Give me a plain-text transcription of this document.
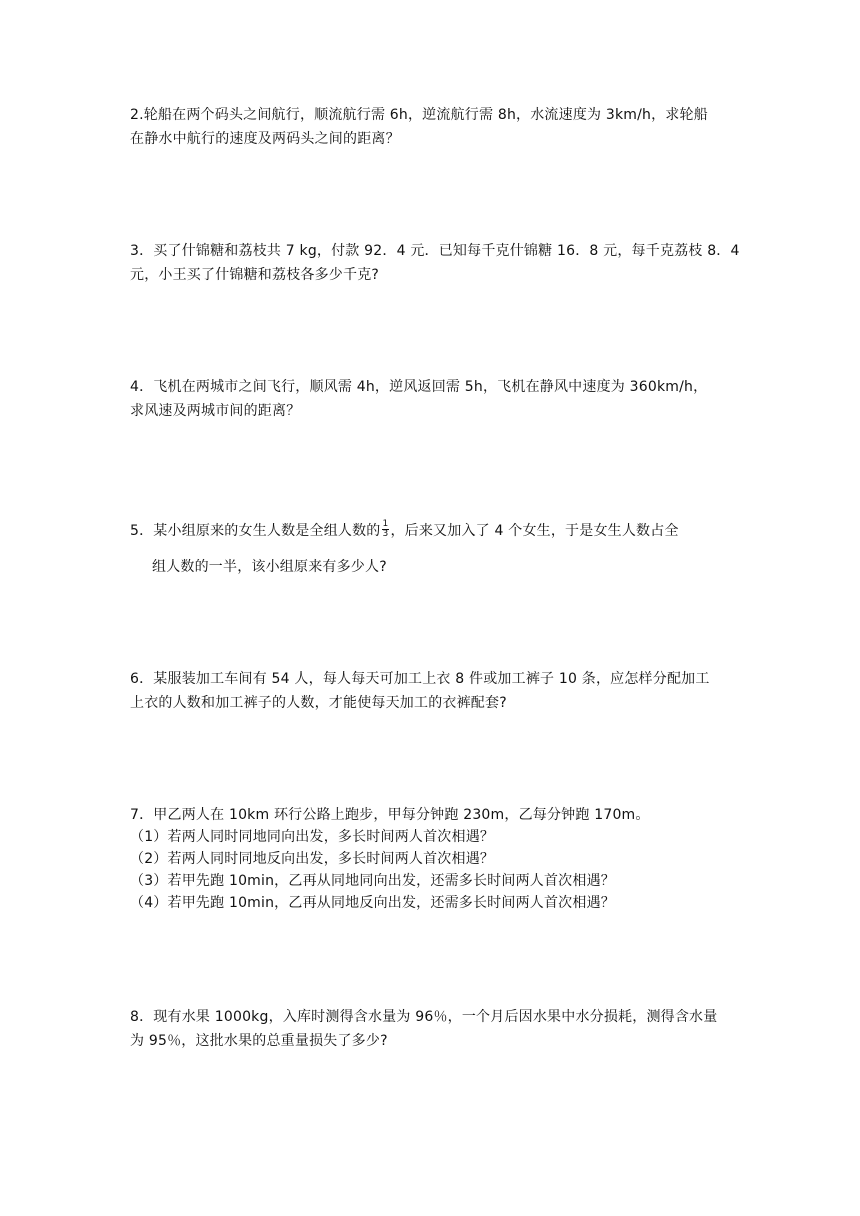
2.轮船在两个码头之间航行，顺流航行需 6h，逆流航行需 8h，水流速度为 3km/h，求轮船
在静水中航行的速度及两码头之间的距离？
3．买了什锦糖和荔枝共 7 kg，付款 92．4 元．已知每千克什锦糖 16．8 元，每千克荔枝 8．4
元，小王买了什锦糖和荔枝各多少千克?
4．飞机在两城市之间飞行，顺风需 4h，逆风返回需 5h，飞机在静风中速度为 360km/h，
求风速及两城市间的距离？
5．某小组原来的女生人数是全组人数的 $\frac{1}{3}$ ，后来又加入了 4 个女生，于是女生人数占全
组人数的一半，该小组原来有多少人?
6．某服装加工车间有 54 人，每人每天可加工上衣 8 件或加工裤子 10 条，应怎样分配加工
上衣的人数和加工裤子的人数，才能使每天加工的衣裤配套?
7．甲乙两人在 10km 环行公路上跑步，甲每分钟跑 230m，乙每分钟跑 170m。
（1）若两人同时同地同向出发，多长时间两人首次相遇？
（2）若两人同时同地反向出发，多长时间两人首次相遇？
（3）若甲先跑 10min，乙再从同地同向出发，还需多长时间两人首次相遇？
（4）若甲先跑 10min，乙再从同地反向出发，还需多长时间两人首次相遇？
8．现有水果 1000kg，入库时测得含水量为 96％，一个月后因水果中水分损耗，测得含水量
为 95％，这批水果的总重量损失了多少?
